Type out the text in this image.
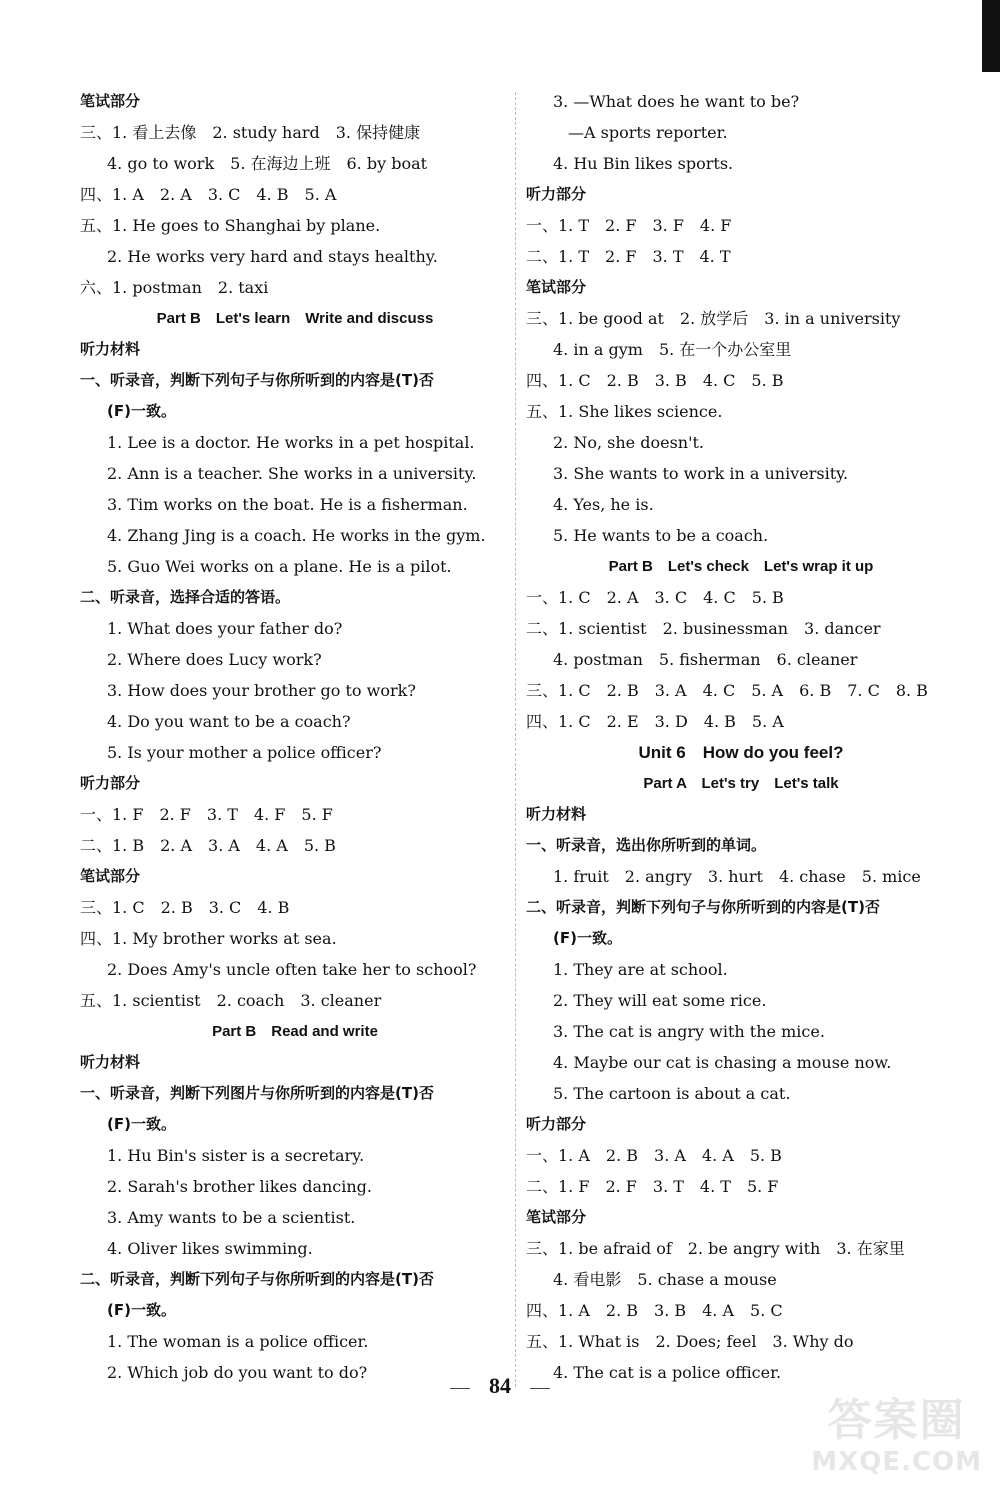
笔试部分
三、1. 看上去像　2. study hard　3. 保持健康
4. go to work　5. 在海边上班　6. by boat
四、1. A　2. A　3. C　4. B　5. A
五、1. He goes to Shanghai by plane.
2. He works very hard and stays healthy.
六、1. postman　2. taxi
Part B　Let's learn　Write and discuss
听力材料
一、听录音，判断下列句子与你所听到的内容是(T)否
(F)一致。
1. Lee is a doctor. He works in a pet hospital.
2. Ann is a teacher. She works in a university.
3. Tim works on the boat. He is a fisherman.
4. Zhang Jing is a coach. He works in the gym.
5. Guo Wei works on a plane. He is a pilot.
二、听录音，选择合适的答语。
1. What does your father do?
2. Where does Lucy work?
3. How does your brother go to work?
4. Do you want to be a coach?
5. Is your mother a police officer?
听力部分
一、1. F　2. F　3. T　4. F　5. F
二、1. B　2. A　3. A　4. A　5. B
笔试部分
三、1. C　2. B　3. C　4. B
四、1. My brother works at sea.
2. Does Amy's uncle often take her to school?
五、1. scientist　2. coach　3. cleaner
Part B　Read and write
听力材料
一、听录音，判断下列图片与你所听到的内容是(T)否
(F)一致。
1. Hu Bin's sister is a secretary.
2. Sarah's brother likes dancing.
3. Amy wants to be a scientist.
4. Oliver likes swimming.
二、听录音，判断下列句子与你所听到的内容是(T)否
(F)一致。
1. The woman is a police officer.
2. Which job do you want to do?
3. —What does he want to be?
—A sports reporter.
4. Hu Bin likes sports.
听力部分
一、1. T　2. F　3. F　4. F
二、1. T　2. F　3. T　4. T
笔试部分
三、1. be good at　2. 放学后　3. in a university
4. in a gym　5. 在一个办公室里
四、1. C　2. B　3. B　4. C　5. B
五、1. She likes science.
2. No, she doesn't.
3. She wants to work in a university.
4. Yes, he is.
5. He wants to be a coach.
Part B　Let's check　Let's wrap it up
一、1. C　2. A　3. C　4. C　5. B
二、1. scientist　2. businessman　3. dancer
4. postman　5. fisherman　6. cleaner
三、1. C　2. B　3. A　4. C　5. A　6. B　7. C　8. B
四、1. C　2. E　3. D　4. B　5. A
Unit 6　How do you feel?
Part A　Let's try　Let's talk
听力材料
一、听录音，选出你所听到的单词。
1. fruit　2. angry　3. hurt　4. chase　5. mice
二、听录音，判断下列句子与你所听到的内容是(T)否
(F)一致。
1. They are at school.
2. They will eat some rice.
3. The cat is angry with the mice.
4. Maybe our cat is chasing a mouse now.
5. The cartoon is about a cat.
听力部分
一、1. A　2. B　3. A　4. A　5. B
二、1. F　2. F　3. T　4. T　5. F
笔试部分
三、1. be afraid of　2. be angry with　3. 在家里
4. 看电影　5. chase a mouse
四、1. A　2. B　3. B　4. A　5. C
五、1. What is　2. Does; feel　3. Why do
4. The cat is a police officer.
84
答案圈
MXQE.COM
